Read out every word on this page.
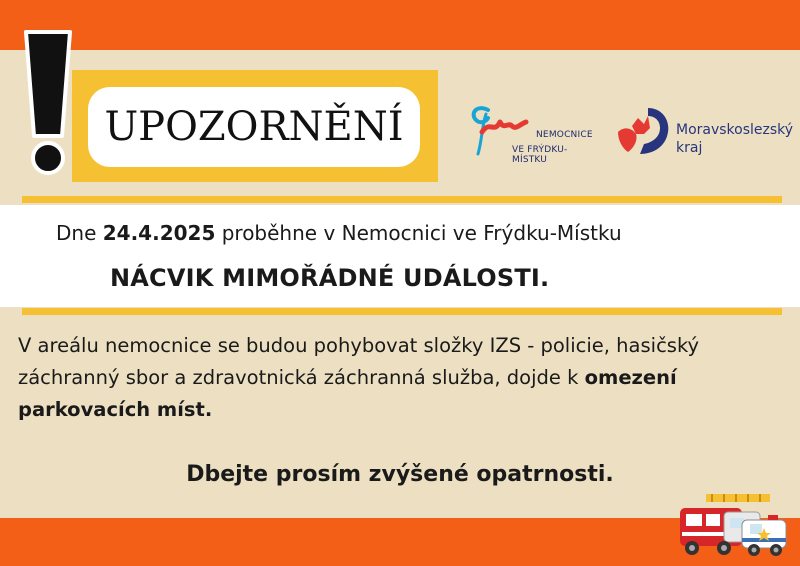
UPOZORNĚNÍ	NEMOCNICE
VE FRÝDKU-MÍSTKU
Moravskoslezský
kraj
Dne 24.4.2025 proběhne v Nemocnici ve Frýdku-Místku
NÁCVIK MIMOŘÁDNÉ UDÁLOSTI.
V areálu nemocnice se budou pohybovat složky IZS - policie, hasičský záchranný sbor a zdravotnická záchranná služba, dojde k omezení parkovacích míst.
Dbejte prosím zvýšené opatrnosti.
